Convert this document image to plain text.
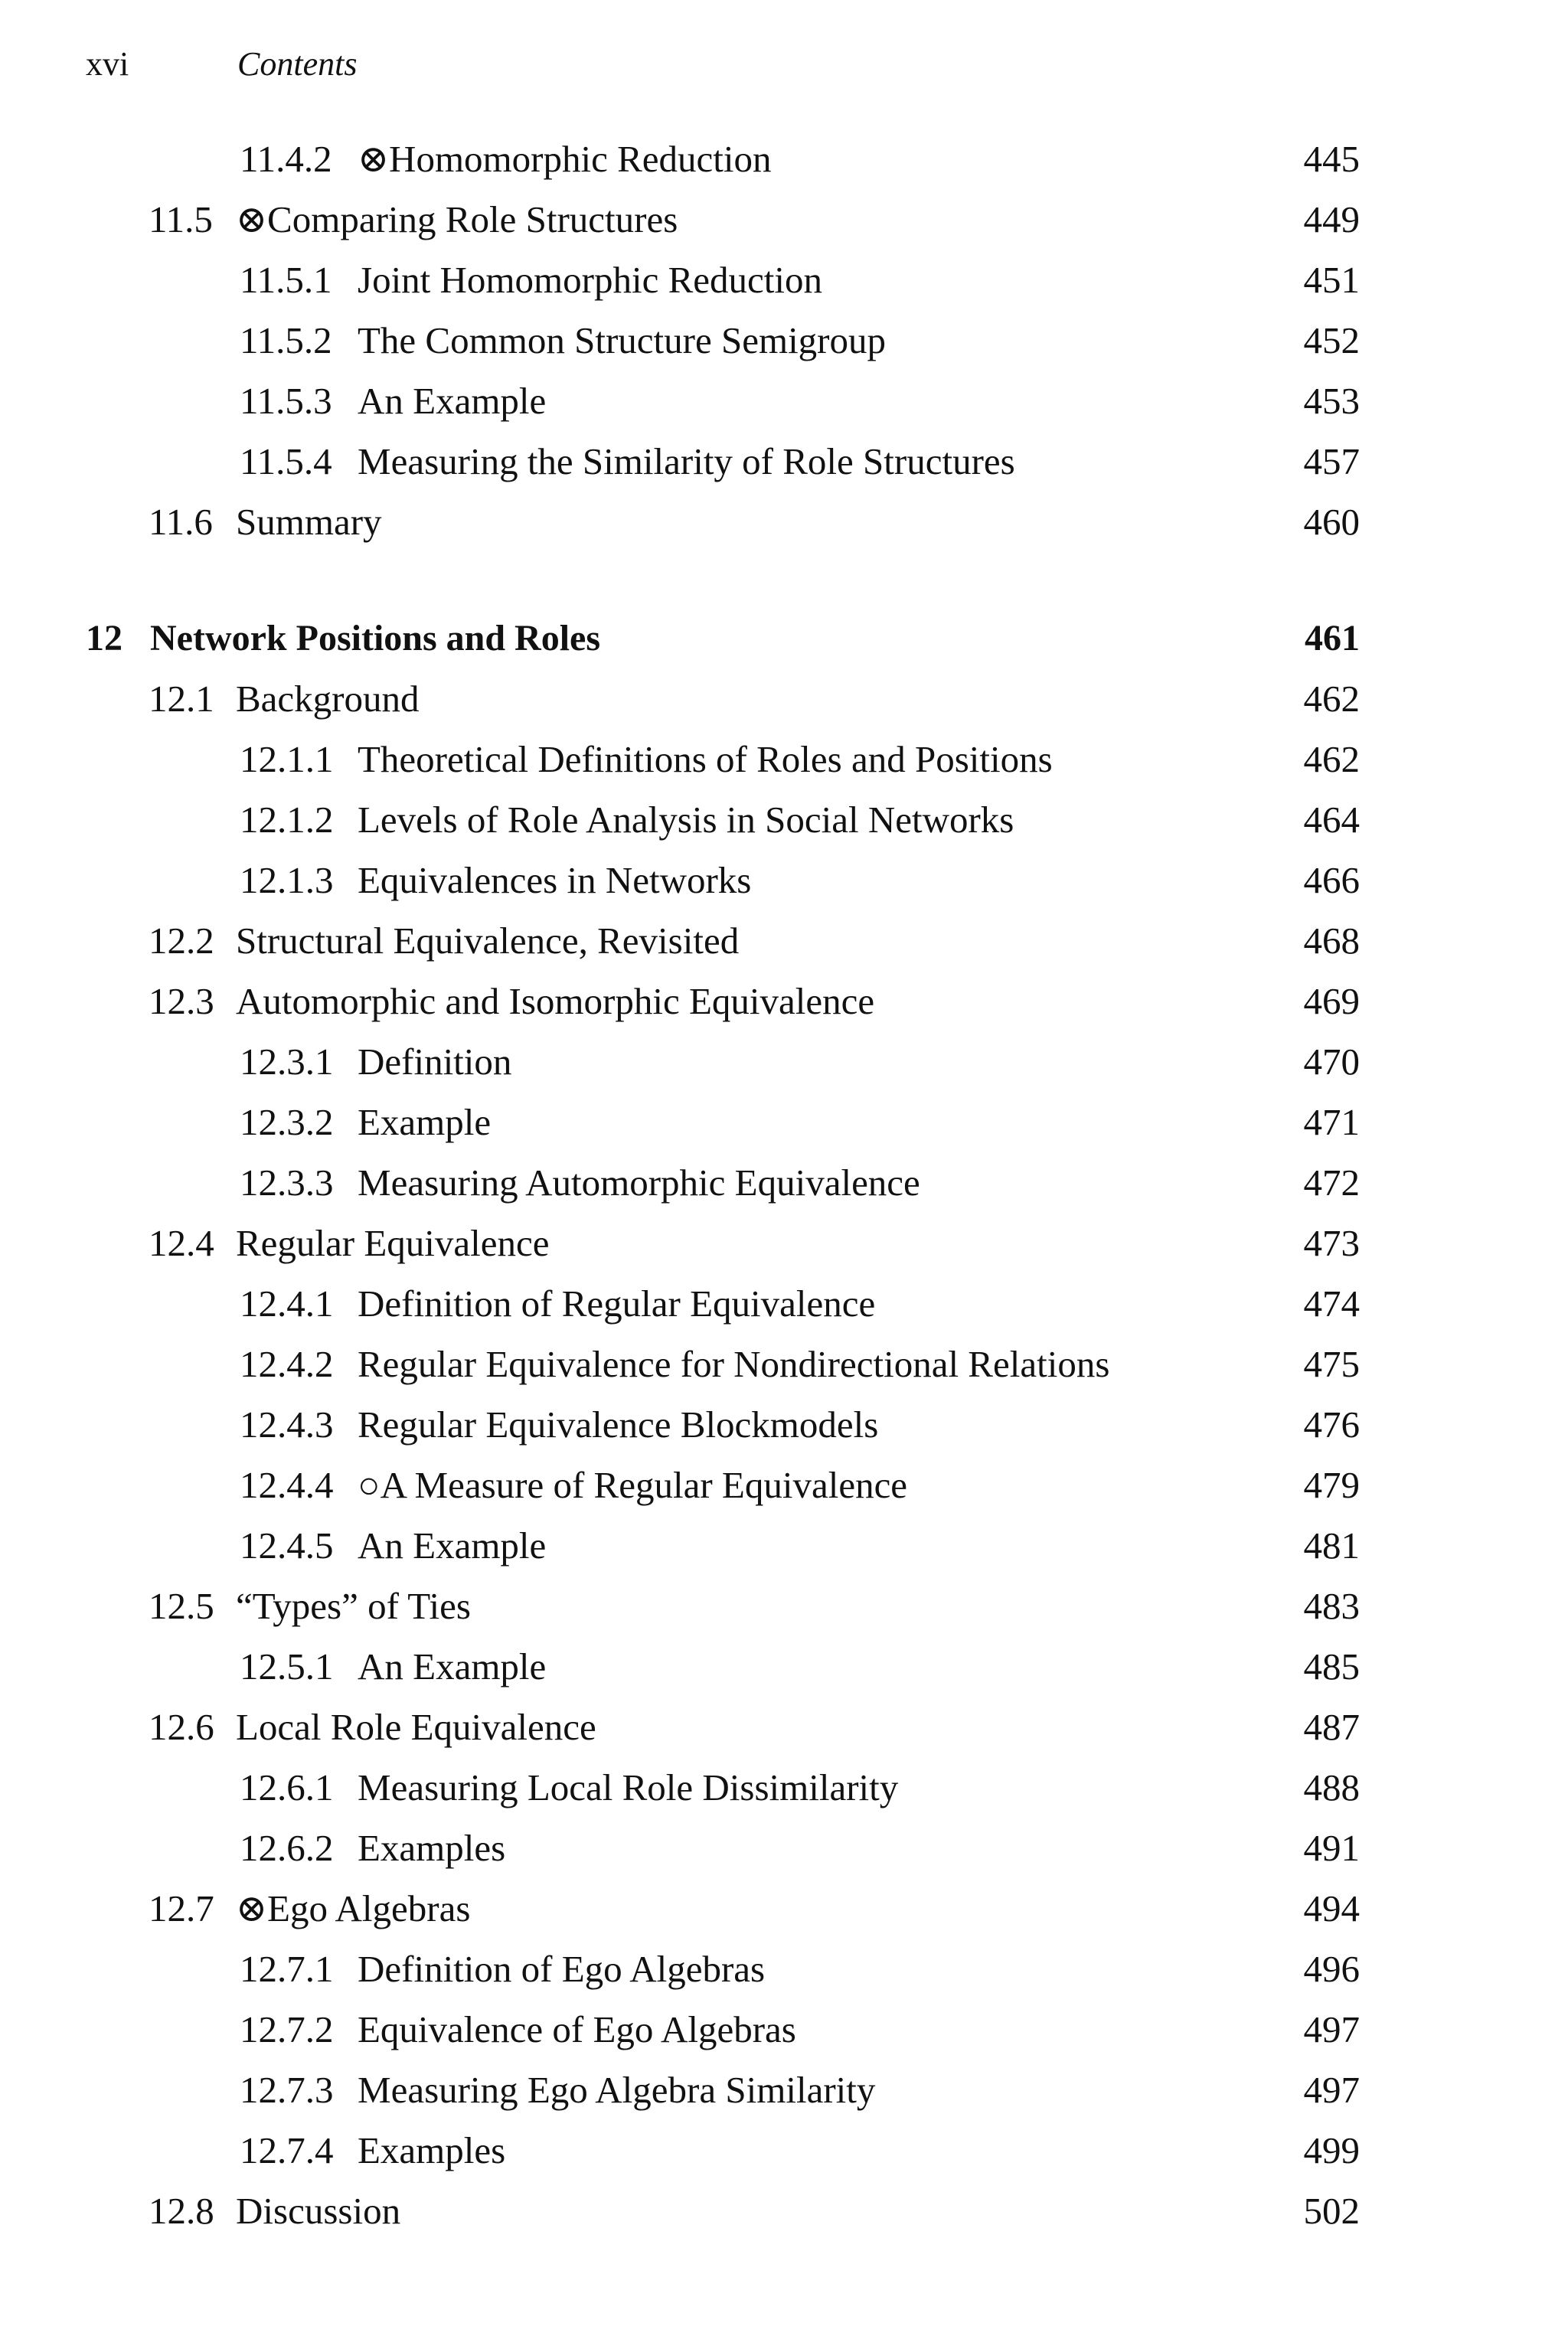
xvi	Contents
11.4.2 ⊗Homomorphic Reduction	445
11.5 ⊗Comparing Role Structures	449
11.5.1 Joint Homomorphic Reduction	451
11.5.2 The Common Structure Semigroup	452
11.5.3 An Example	453
11.5.4 Measuring the Similarity of Role Structures	457
11.6 Summary	460
12 Network Positions and Roles	461
12.1 Background	462
12.1.1 Theoretical Definitions of Roles and Positions	462
12.1.2 Levels of Role Analysis in Social Networks	464
12.1.3 Equivalences in Networks	466
12.2 Structural Equivalence, Revisited	468
12.3 Automorphic and Isomorphic Equivalence	469
12.3.1 Definition	470
12.3.2 Example	471
12.3.3 Measuring Automorphic Equivalence	472
12.4 Regular Equivalence	473
12.4.1 Definition of Regular Equivalence	474
12.4.2 Regular Equivalence for Nondirectional Relations	475
12.4.3 Regular Equivalence Blockmodels	476
12.4.4 ○A Measure of Regular Equivalence	479
12.4.5 An Example	481
12.5 “Types” of Ties	483
12.5.1 An Example	485
12.6 Local Role Equivalence	487
12.6.1 Measuring Local Role Dissimilarity	488
12.6.2 Examples	491
12.7 ⊗Ego Algebras	494
12.7.1 Definition of Ego Algebras	496
12.7.2 Equivalence of Ego Algebras	497
12.7.3 Measuring Ego Algebra Similarity	497
12.7.4 Examples	499
12.8 Discussion	502
